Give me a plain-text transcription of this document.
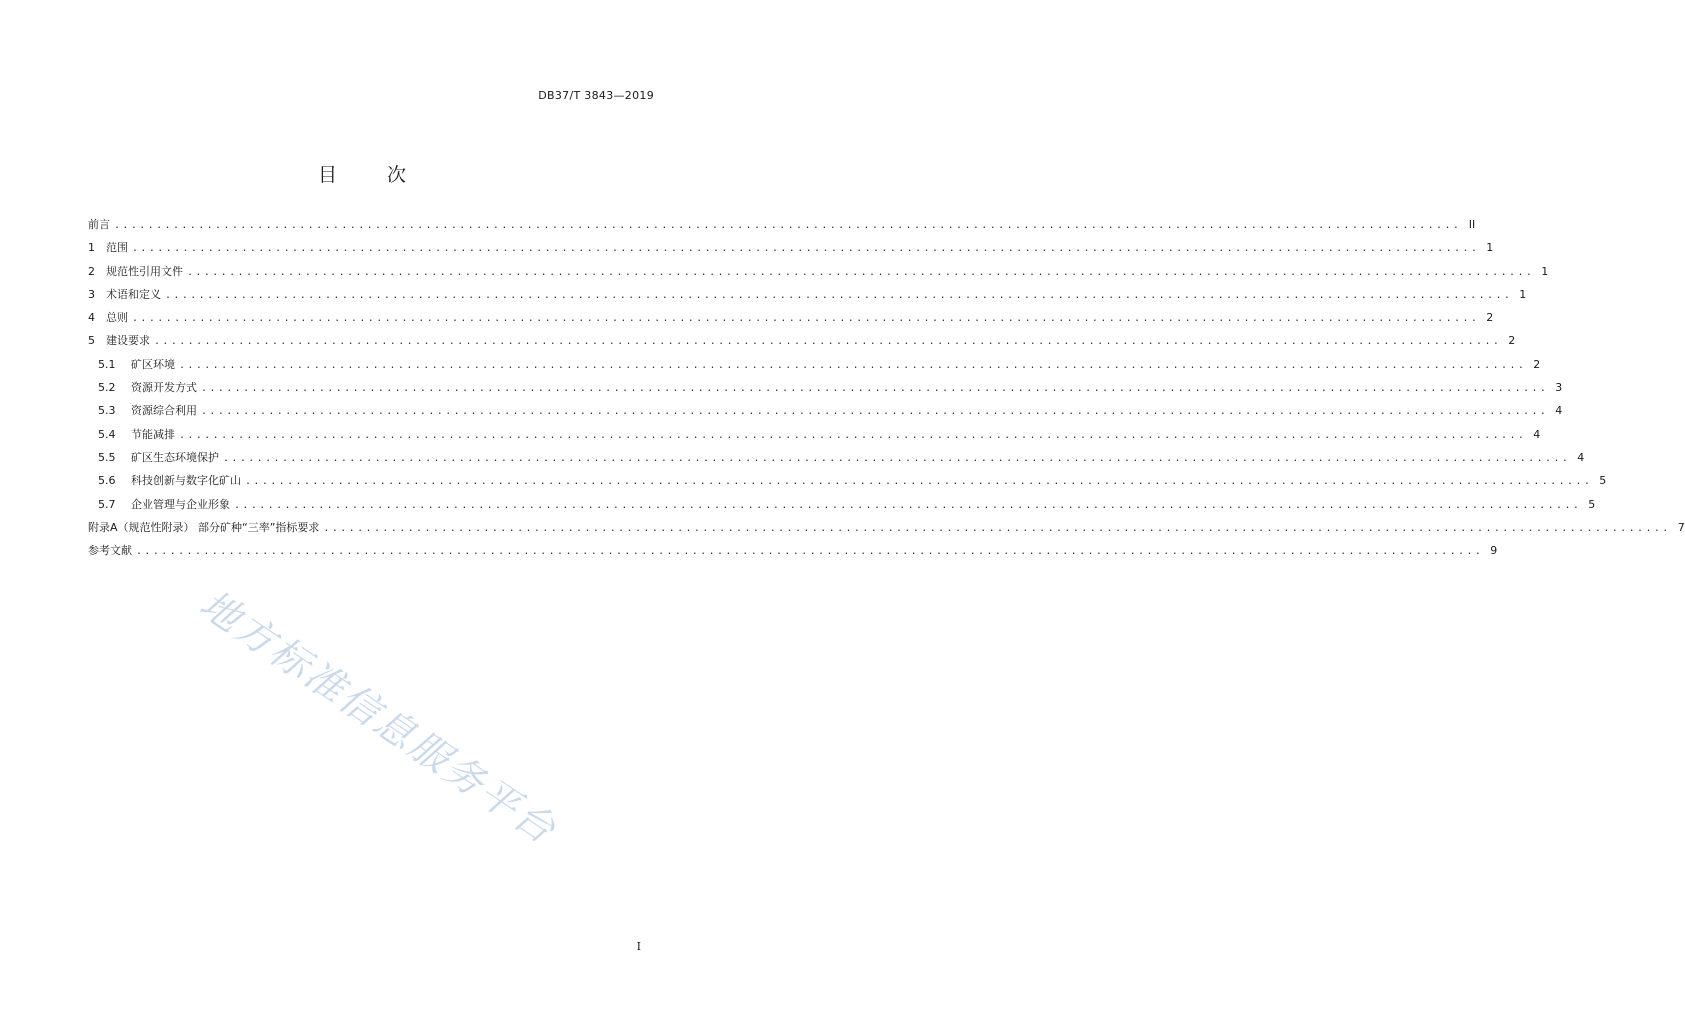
DB37/T 3843—2019
目 次
前言 ................................................................................................................................................................ II
1	范围 ................................................................................................................................................................ 1
2	规范性引用文件 ................................................................................................................................................................ 1
3	术语和定义 ................................................................................................................................................................ 1
4	总则 ................................................................................................................................................................ 2
5	建设要求 ................................................................................................................................................................ 2
5.1	矿区环境 ................................................................................................................................................................ 2
5.2	资源开发方式 ................................................................................................................................................................ 3
5.3	资源综合利用 ................................................................................................................................................................ 4
5.4	节能减排 ................................................................................................................................................................ 4
5.5	矿区生态环境保护 ................................................................................................................................................................ 4
5.6	科技创新与数字化矿山 ................................................................................................................................................................ 5
5.7	企业管理与企业形象 ................................................................................................................................................................ 5
附录A（规范性附录） 部分矿种“三率”指标要求 ................................................................................................................................................................ 7
参考文献 ................................................................................................................................................................ 9
地方标准信息服务平台
I
